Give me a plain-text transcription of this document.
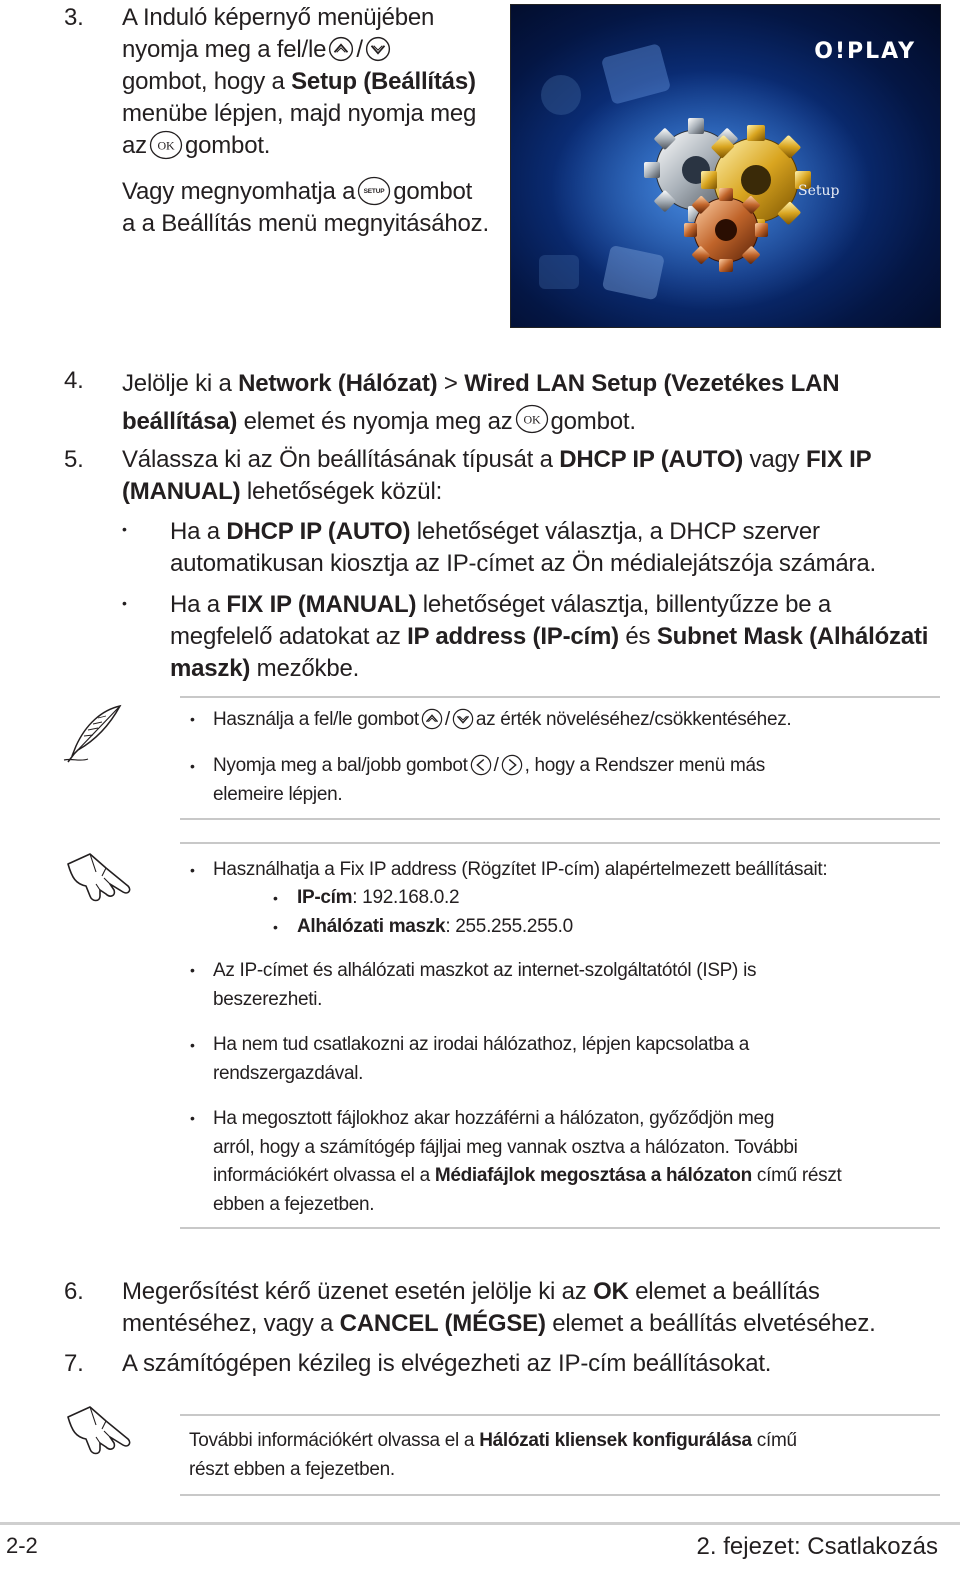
3. A Induló képernyő menüjében
nyomja meg a fel/le /
gombot, hogy a Setup (Beállítás)
menübe lépjen, majd nyomja meg
az gombot.
Vagy megnyomhatja a gombot
a a Beállítás menü megnyitásához.
O!PLAY
Setup
4. Jelölje ki a Network (Hálózat) > Wired LAN Setup (Vezetékes LAN
beállítása) elemet és nyomja meg az gombot.
5. Válassza ki az Ön beállításának típusát a DHCP IP (AUTO) vagy FIX IP
(MANUAL) lehetőségek közül:
• Ha a DHCP IP (AUTO) lehetőséget választja, a DHCP szerver
automatikusan kiosztja az IP-címet az Ön médialejátszója számára.
• Ha a FIX IP (MANUAL) lehetőséget választja, billentyűzze be a
megfelelő adatokat az IP address (IP-cím) és Subnet Mask (Alhálózati
maszk) mezőkbe.
• Használja a fel/le gombot / az érték növeléséhez/csökkentéséhez.
• Nyomja meg a bal/jobb gombot / , hogy a Rendszer menü más
elemeire lépjen.
• Használhatja a Fix IP address (Rögzítet IP-cím) alapértelmezett beállításait:
• IP-cím: 192.168.0.2
• Alhálózati maszk: 255.255.255.0
• Az IP-címet és alhálózati maszkot az internet-szolgáltatótól (ISP) is
beszerezheti.
• Ha nem tud csatlakozni az irodai hálózathoz, lépjen kapcsolatba a
rendszergazdával.
• Ha megosztott fájlokhoz akar hozzáférni a hálózaton, győződjön meg
arról, hogy a számítógép fájljai meg vannak osztva a hálózaton. További
információkért olvassa el a Médiafájlok megosztása a hálózaton című részt
ebben a fejezetben.
6. Megerősítést kérő üzenet esetén jelölje ki az OK elemet a beállítás
mentéséhez, vagy a CANCEL (MÉGSE) elemet a beállítás elvetéséhez.
7. A számítógépen kézileg is elvégezheti az IP-cím beállításokat.
További információkért olvassa el a Hálózati kliensek konfigurálása című
részt ebben a fejezetben.
2-2	2. fejezet: Csatlakozás
